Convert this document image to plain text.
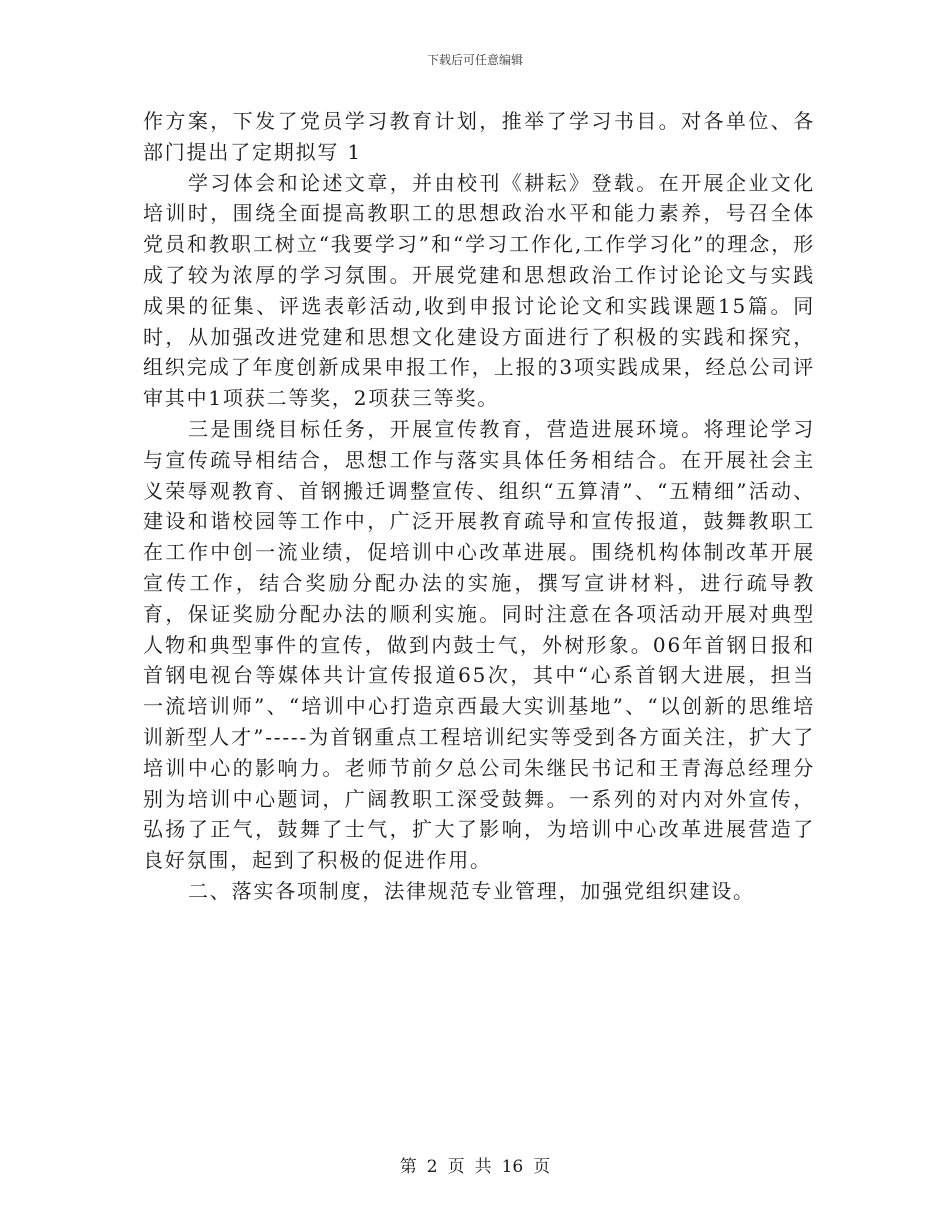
下载后可任意编辑

作方案，下发了党员学习教育计划，推举了学习书目。对各单位、各部门提出了定期拟写 1

学习体会和论述文章，并由校刊《耕耘》登载。在开展企业文化培训时，围绕全面提高教职工的思想政治水平和能力素养，号召全体党员和教职工树立“我要学习”和“学习工作化,工作学习化”的理念，形成了较为浓厚的学习氛围。开展党建和思想政治工作讨论论文与实践成果的征集、评选表彰活动,收到申报讨论论文和实践课题15篇。同时，从加强改进党建和思想文化建设方面进行了积极的实践和探究，组织完成了年度创新成果申报工作，上报的3项实践成果，经总公司评审其中1项获二等奖，2项获三等奖。

三是围绕目标任务，开展宣传教育，营造进展环境。将理论学习与宣传疏导相结合，思想工作与落实具体任务相结合。在开展社会主义荣辱观教育、首钢搬迁调整宣传、组织“五算清”、“五精细”活动、建设和谐校园等工作中，广泛开展教育疏导和宣传报道，鼓舞教职工在工作中创一流业绩，促培训中心改革进展。围绕机构体制改革开展宣传工作，结合奖励分配办法的实施，撰写宣讲材料，进行疏导教育，保证奖励分配办法的顺利实施。同时注意在各项活动开展对典型人物和典型事件的宣传，做到内鼓士气，外树形象。06年首钢日报和首钢电视台等媒体共计宣传报道65次，其中“心系首钢大进展，担当一流培训师”、“培训中心打造京西最大实训基地”、“以创新的思维培训新型人才”-----为首钢重点工程培训纪实等受到各方面关注，扩大了培训中心的影响力。老师节前夕总公司朱继民书记和王青海总经理分别为培训中心题词，广阔教职工深受鼓舞。一系列的对内对外宣传，弘扬了正气，鼓舞了士气，扩大了影响，为培训中心改革进展营造了良好氛围，起到了积极的促进作用。

二、落实各项制度，法律规范专业管理，加强党组织建设。

第 2 页 共 16 页
